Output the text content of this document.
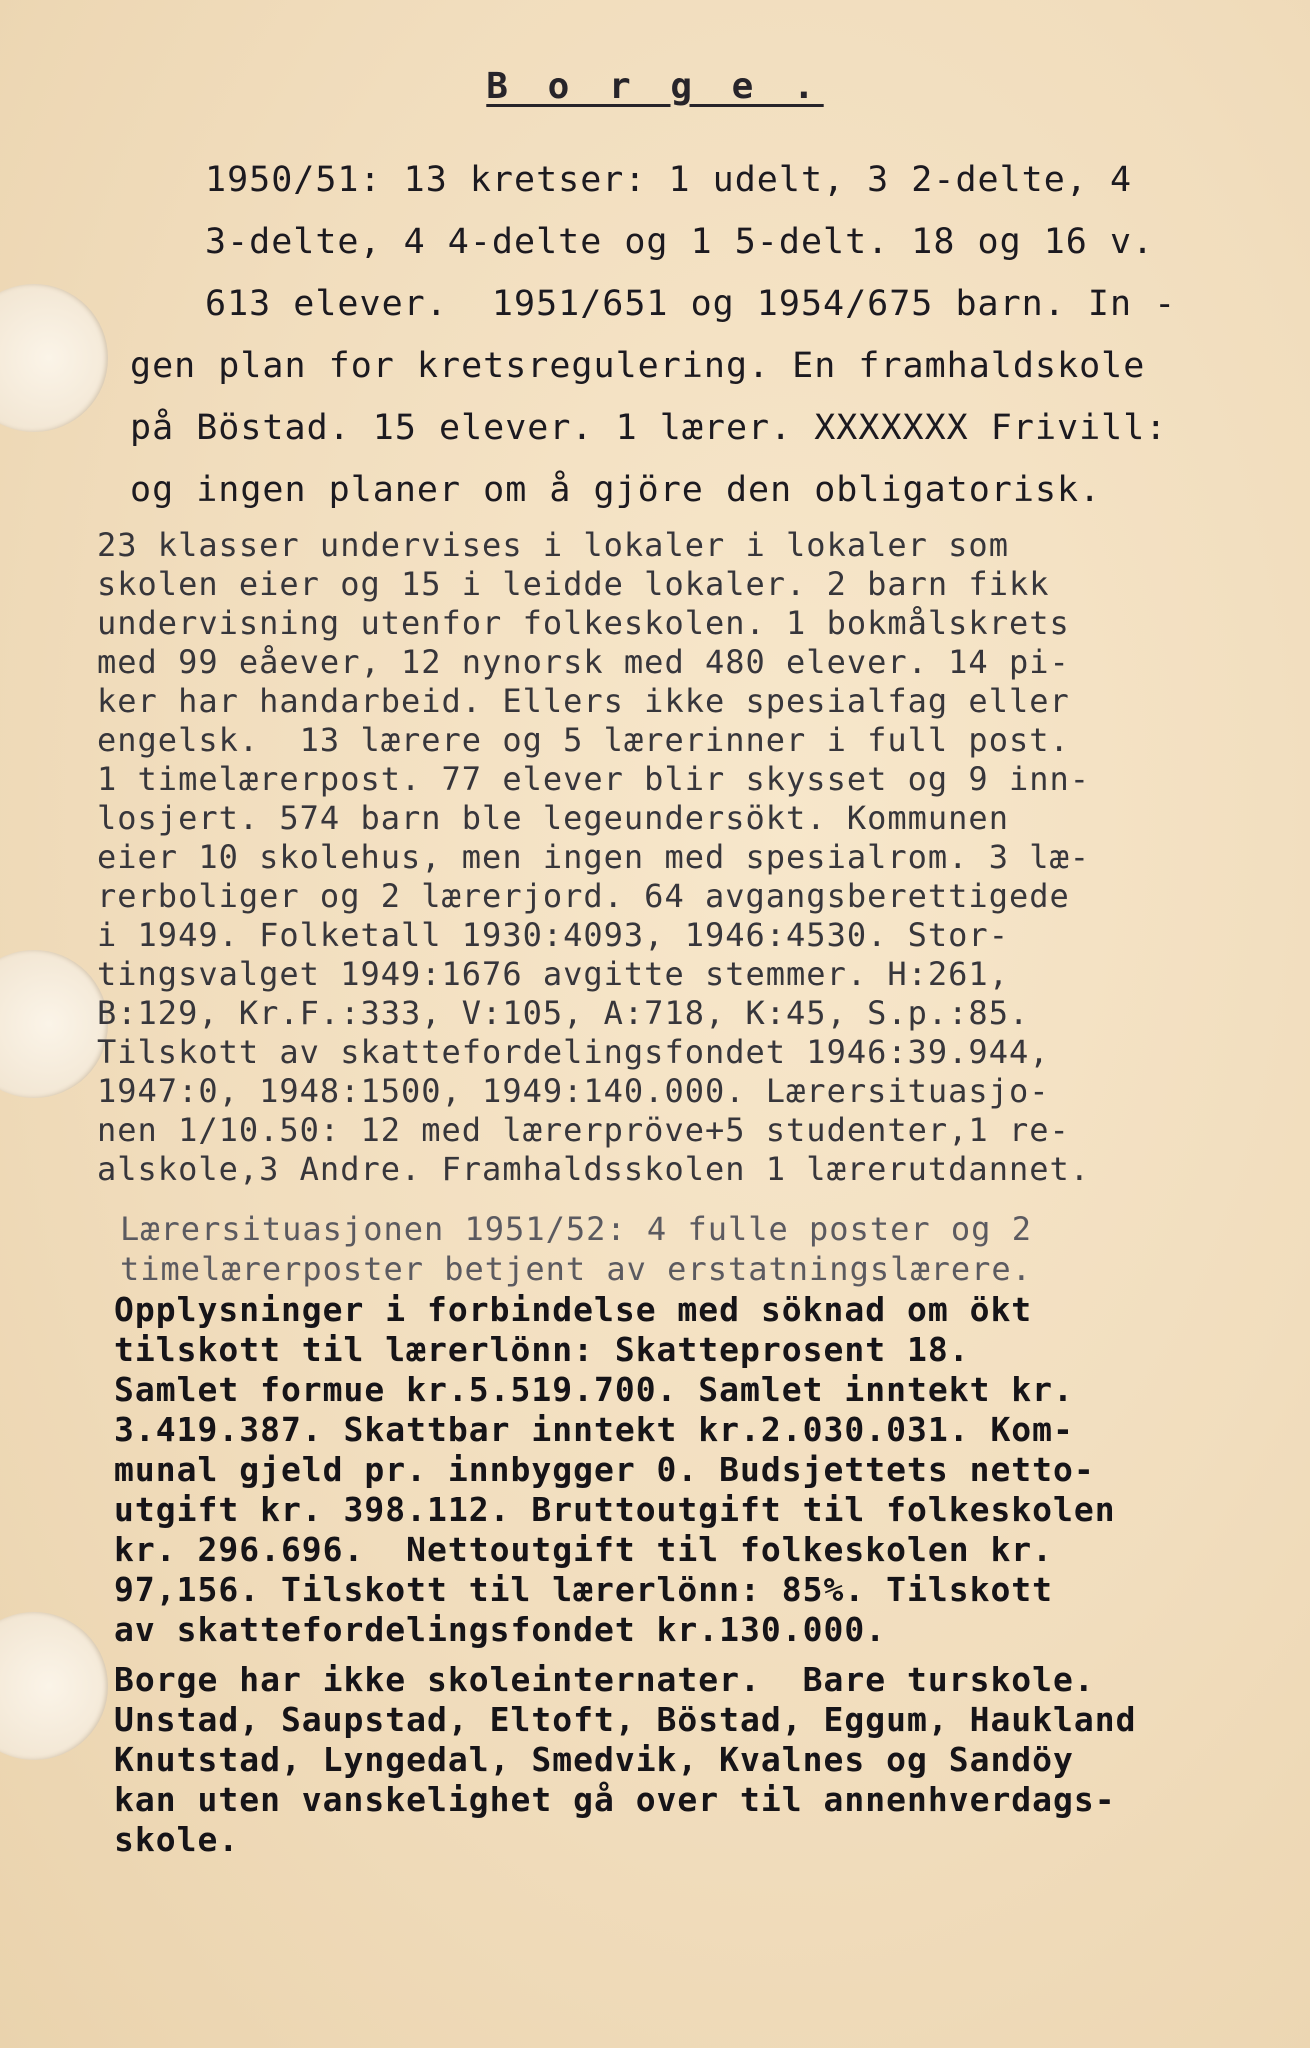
B o r g e .
1950/51: 13 kretser: 1 udelt, 3 2-delte, 4
3-delte, 4 4-delte og 1 5-delt. 18 og 16 v.
613 elever.  1951/651 og 1954/675 barn. In -
gen plan for kretsregulering. En framhaldskole
på Böstad. 15 elever. 1 lærer. XXXXXXX Frivill:
og ingen planer om å gjöre den obligatorisk.
23 klasser undervises i lokaler i lokaler som
skolen eier og 15 i leidde lokaler. 2 barn fikk
undervisning utenfor folkeskolen. 1 bokmålskrets
med 99 eåever, 12 nynorsk med 480 elever. 14 pi-
ker har handarbeid. Ellers ikke spesialfag eller
engelsk.  13 lærere og 5 lærerinner i full post.
1 timelærerpost. 77 elever blir skysset og 9 inn-
losjert. 574 barn ble legeundersökt. Kommunen
eier 10 skolehus, men ingen med spesialrom. 3 læ-
rerboliger og 2 lærerjord. 64 avgangsberettigede
i 1949. Folketall 1930:4093, 1946:4530. Stor-
tingsvalget 1949:1676 avgitte stemmer. H:261,
B:129, Kr.F.:333, V:105, A:718, K:45, S.p.:85.
Tilskott av skattefordelingsfondet 1946:39.944,
1947:0, 1948:1500, 1949:140.000. Lærersituasjo-
nen 1/10.50: 12 med lærerpröve+5 studenter,1 re-
alskole,3 Andre. Framhaldsskolen 1 lærerutdannet.
Lærersituasjonen 1951/52: 4 fulle poster og 2
timelærerposter betjent av erstatningslærere.
Opplysninger i forbindelse med söknad om ökt
tilskott til lærerlönn: Skatteprosent 18.
Samlet formue kr.5.519.700. Samlet inntekt kr.
3.419.387. Skattbar inntekt kr.2.030.031. Kom-
munal gjeld pr. innbygger 0. Budsjettets netto-
utgift kr. 398.112. Bruttoutgift til folkeskolen
kr. 296.696.  Nettoutgift til folkeskolen kr.
97,156. Tilskott til lærerlönn: 85%. Tilskott
av skattefordelingsfondet kr.130.000.
Borge har ikke skoleinternater.  Bare turskole.
Unstad, Saupstad, Eltoft, Böstad, Eggum, Haukland
Knutstad, Lyngedal, Smedvik, Kvalnes og Sandöy
kan uten vanskelighet gå over til annenhverdags-
skole.
